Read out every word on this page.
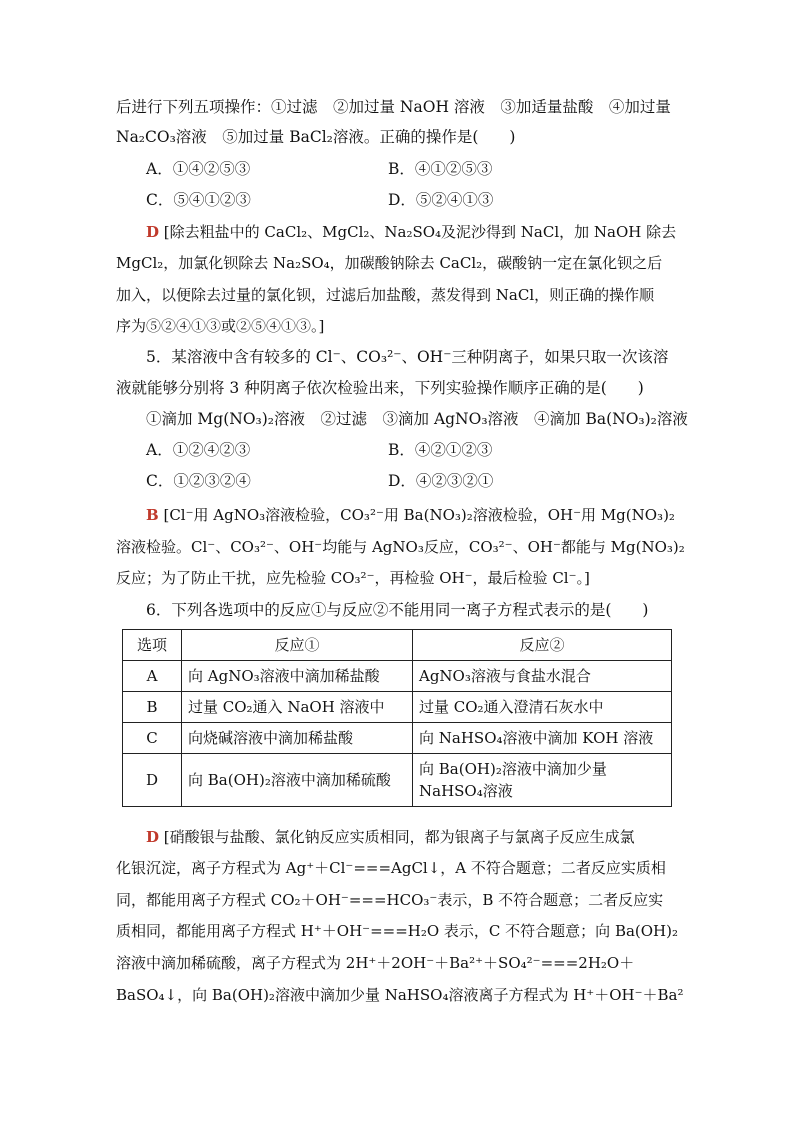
后进行下列五项操作：①过滤　②加过量 NaOH 溶液　③加适量盐酸　④加过量
Na₂CO₃溶液　⑤加过量 BaCl₂溶液。正确的操作是(　　)
A．①④②⑤③	B．④①②⑤③
C．⑤④①②③	D．⑤②④①③
D [除去粗盐中的 CaCl₂、MgCl₂、Na₂SO₄及泥沙得到 NaCl，加 NaOH 除去
MgCl₂，加氯化钡除去 Na₂SO₄，加碳酸钠除去 CaCl₂，碳酸钠一定在氯化钡之后
加入，以便除去过量的氯化钡，过滤后加盐酸，蒸发得到 NaCl，则正确的操作顺
序为⑤②④①③或②⑤④①③。]
5．某溶液中含有较多的 Cl⁻、CO₃²⁻、OH⁻三种阴离子，如果只取一次该溶
液就能够分别将 3 种阴离子依次检验出来，下列实验操作顺序正确的是(　　)
①滴加 Mg(NO₃)₂溶液　②过滤　③滴加 AgNO₃溶液　④滴加 Ba(NO₃)₂溶液
A．①②④②③	B．④②①②③
C．①②③②④	D．④②③②①
B [Cl⁻用 AgNO₃溶液检验，CO₃²⁻用 Ba(NO₃)₂溶液检验，OH⁻用 Mg(NO₃)₂
溶液检验。Cl⁻、CO₃²⁻、OH⁻均能与 AgNO₃反应，CO₃²⁻、OH⁻都能与 Mg(NO₃)₂
反应；为了防止干扰，应先检验 CO₃²⁻，再检验 OH⁻，最后检验 Cl⁻。]
6．下列各选项中的反应①与反应②不能用同一离子方程式表示的是(　　)
选项	反应①	反应②
A	向 AgNO₃溶液中滴加稀盐酸	AgNO₃溶液与食盐水混合
B	过量 CO₂通入 NaOH 溶液中	过量 CO₂通入澄清石灰水中
C	向烧碱溶液中滴加稀盐酸	向 NaHSO₄溶液中滴加 KOH 溶液
D	向 Ba(OH)₂溶液中滴加稀硫酸	向 Ba(OH)₂溶液中滴加少量
NaHSO₄溶液
D [硝酸银与盐酸、氯化钠反应实质相同，都为银离子与氯离子反应生成氯
化银沉淀，离子方程式为 Ag⁺＋Cl⁻===AgCl↓，A 不符合题意；二者反应实质相
同，都能用离子方程式 CO₂＋OH⁻===HCO₃⁻表示，B 不符合题意；二者反应实
质相同，都能用离子方程式 H⁺＋OH⁻===H₂O 表示，C 不符合题意；向 Ba(OH)₂
溶液中滴加稀硫酸，离子方程式为 2H⁺＋2OH⁻＋Ba²⁺＋SO₄²⁻===2H₂O＋
BaSO₄↓，向 Ba(OH)₂溶液中滴加少量 NaHSO₄溶液离子方程式为 H⁺＋OH⁻＋Ba²
